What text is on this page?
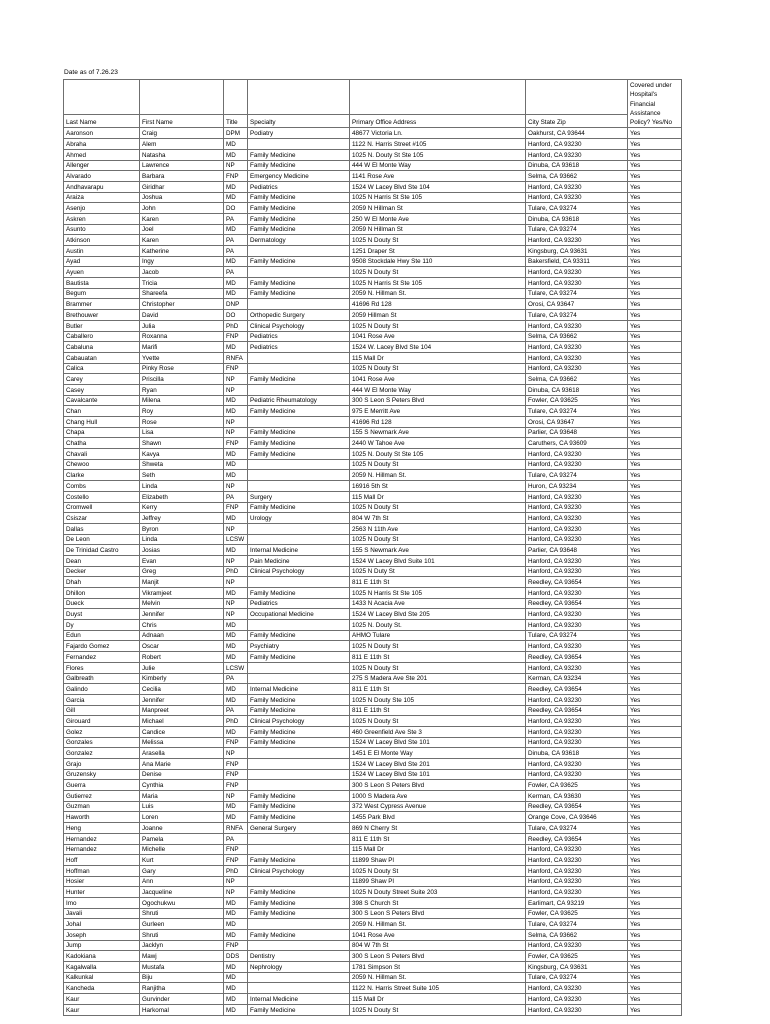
Date as of 7.26.23
						Covered under Hospital's Financial Assistance Policy? Yes/No
Last Name	First Name	Title	Specialty	Primary Office Address	City State Zip	
Aaronson	Craig	DPM	Podiatry	48677 Victoria Ln.	Oakhurst, CA 93644	Yes
Abraha	Alem	MD		1122 N. Harris Street #105	Hanford, CA 93230	Yes
Ahmed	Natasha	MD	Family Medicine	1025 N. Douty St Ste 105	Hanford, CA 93230	Yes
Allenger	Lawrence	NP	Family Medicine	444 W El Monte Way	Dinuba, CA 93618	Yes
Alvarado	Barbara	FNP	Emergency Medicine	1141 Rose Ave	Selma, CA 93662	Yes
Andhavarapu	Giridhar	MD	Pediatrics	1524 W Lacey Blvd Ste 104	Hanford, CA 93230	Yes
Araiza	Joshua	MD	Family Medicine	1025 N Harris St Ste 105	Hanford, CA 93230	Yes
Asenjo	John	DO	Family Medicine	2059 N Hillman St	Tulare, CA 93274	Yes
Askren	Karen	PA	Family Medicine	250 W El Monte Ave	Dinuba, CA 93618	Yes
Asunto	Joel	MD	Family Medicine	2059 N Hillman St	Tulare, CA 93274	Yes
Atkinson	Karen	PA	Dermatology	1025 N Douty St	Hanford, CA 93230	Yes
Austin	Katherine	PA		1251 Draper St	Kingsburg, CA 93631	Yes
Ayad	Ingy	MD	Family Medicine	9508 Stockdale Hwy Ste 110	Bakersfield, CA 93311	Yes
Ayuen	Jacob	PA		1025 N Douty St	Hanford, CA 93230	Yes
Bautista	Tricia	MD	Family Medicine	1025 N Harris St Ste 105	Hanford, CA 93230	Yes
Begum	Shareefa	MD	Family Medicine	2059 N. Hillman St.	Tulare, CA 93274	Yes
Brammer	Christopher	DNP		41696 Rd 128	Orosi, CA 93647	Yes
Brethouwer	David	DO	Orthopedic Surgery	2059 Hillman St	Tulare, CA 93274	Yes
Butler	Julia	PhD	Clinical Psychology	1025 N Douty St	Hanford, CA 93230	Yes
Caballero	Roxanna	FNP	Pediatrics	1041 Rose Ave	Selma, CA 93662	Yes
Cabaluna	Marifi	MD	Pediatrics	1524 W. Lacey Blvd Ste 104	Hanford, CA 93230	Yes
Cabauatan	Yvette	RNFA		115 Mall Dr	Hanford, CA 93230	Yes
Calica	Pinky Rose	FNP		1025 N Douty St	Hanford, CA 93230	Yes
Carey	Priscilla	NP	Family Medicine	1041 Rose Ave	Selma, CA 93662	Yes
Casey	Ryan	NP		444 W El Monte Way	Dinuba, CA 93618	Yes
Cavalcante	Milena	MD	Pediatric Rheumatology	300 S Leon S Peters Blvd	Fowler, CA 93625	Yes
Chan	Roy	MD	Family Medicine	975 E Merritt Ave	Tulare, CA 93274	Yes
Chang Hull	Rose	NP		41696 Rd 128	Orosi, CA 93647	Yes
Chapa	Lisa	NP	Family Medicine	155 S Newmark Ave	Parlier, CA 93648	Yes
Chatha	Shawn	FNP	Family Medicine	2440 W Tahoe Ave	Caruthers, CA 93609	Yes
Chavali	Kavya	MD	Family Medicine	1025 N. Douty St Ste 105	Hanford, CA 93230	Yes
Chewoo	Shweta	MD		1025 N Douty St	Hanford, CA 93230	Yes
Clarke	Seth	MD		2059 N. Hillman St.	Tulare, CA 93274	Yes
Combs	Linda	NP		16916 5th St	Huron, CA 93234	Yes
Costello	Elizabeth	PA	Surgery	115 Mall Dr	Hanford, CA 93230	Yes
Cromwell	Kerry	FNP	Family Medicine	1025 N Douty St	Hanford, CA 93230	Yes
Csiszar	Jeffrey	MD	Urology	804 W 7th St	Hanford, CA 93230	Yes
Dallas	Byron	NP		2563 N 11th Ave	Hanford, CA 93230	Yes
De Leon	Linda	LCSW		1025 N Douty St	Hanford, CA 93230	Yes
De Trinidad Castro	Josias	MD	Internal Medicine	155 S Newmark Ave	Parlier, CA 93648	Yes
Dean	Evan	NP	Pain Medicine	1524 W Lacey Blvd Suite 101	Hanford, CA 93230	Yes
Decker	Greg	PhD	Clinical Psychology	1025 N Duty St	Hanford, CA 93230	Yes
Dhah	Manjit	NP		811 E 11th St	Reedley, CA 93654	Yes
Dhillon	Vikramjeet	MD	Family Medicine	1025 N Harris St Ste 105	Hanford, CA 93230	Yes
Dueck	Melvin	NP	Pediatrics	1433 N Acacia Ave	Reedley, CA 93654	Yes
Duyst	Jennifer	NP	Occupational Medicine	1524 W Lacey Blvd Ste 205	Hanford, CA 93230	Yes
Dy	Chris	MD		1025 N. Douty St.	Hanford, CA 93230	Yes
Edun	Adnaan	MD	Family Medicine	AHMO Tulare	Tulare, CA 93274	Yes
Fajardo Gomez	Oscar	MD	Psychiatry	1025 N Douty St	Hanford, CA 93230	Yes
Fernandez	Robert	MD	Family Medicine	811 E 11th St	Reedley, CA 93654	Yes
Flores	Julie	LCSW		1025 N Douty St	Hanford, CA 93230	Yes
Galbreath	Kimberly	PA		275 S Madera Ave Ste 201	Kerman, CA 93234	Yes
Galindo	Cecilia	MD	Internal Medicine	811 E 11th St	Reedley, CA 93654	Yes
Garcia	Jennifer	MD	Family Medicine	1025 N Douty Ste 105	Hanford, CA 93230	Yes
Gill	Manpreet	PA	Family Medicine	811 E 11th St	Reedley, CA 93654	Yes
Girouard	Michael	PhD	Clinical Psychology	1025 N Douty St	Hanford, CA 93230	Yes
Golez	Candice	MD	Family Medicine	460 Greenfield Ave Ste 3	Hanford, CA 93230	Yes
Gonzales	Melissa	FNP	Family Medicine	1524 W Lacey Blvd Ste 101	Hanford, CA 93230	Yes
Gonzalez	Arasella	NP		1451 E El Monte Way	Dinuba, CA 93618	Yes
Grajo	Ana Marie	FNP		1524 W Lacey Blvd Ste 201	Hanford, CA 93230	Yes
Gruzensky	Denise	FNP		1524 W Lacey Blvd Ste 101	Hanford, CA 93230	Yes
Guerra	Cynthia	FNP		300 S Leon S Peters Blvd	Fowler, CA 93625	Yes
Gutierrez	Maria	NP	Family Medicine	1000 S Madera Ave	Kerman, CA 93630	Yes
Guzman	Luis	MD	Family Medicine	372 West Cypress Avenue	Reedley, CA 93654	Yes
Haworth	Loren	MD	Family Medicine	1455 Park Blvd	Orange Cove, CA 93646	Yes
Heng	Joanne	RNFA	General Surgery	869 N Cherry St	Tulare, CA 93274	Yes
Hernandez	Pamela	PA		811 E 11th St	Reedley, CA 93654	Yes
Hernandez	Michelle	FNP		115 Mall Dr	Hanford, CA 93230	Yes
Hoff	Kurt	FNP	Family Medicine	11899 Shaw Pl	Hanford, CA 93230	Yes
Hoffman	Gary	PhD	Clinical Psychology	1025 N Douty St	Hanford, CA 93230	Yes
Hosier	Ann	NP		11899 Shaw Pl	Hanford, CA 93230	Yes
Hunter	Jacqueline	NP	Family Medicine	1025 N Douty Street Suite 203	Hanford, CA 93230	Yes
Imo	Ogochukwu	MD	Family Medicine	398 S Church St	Earlimart, CA 93219	Yes
Javali	Shruti	MD	Family Medicine	300 S Leon S Peters Blvd	Fowler, CA 93625	Yes
Johal	Gurleen	MD		2059 N. Hillman St.	Tulare, CA 93274	Yes
Joseph	Shruti	MD	Family Medicine	1041 Rose Ave	Selma, CA 93662	Yes
Jump	Jacklyn	FNP		804 W 7th St	Hanford, CA 93230	Yes
Kadokiana	Mawj	DDS	Dentistry	300 S Leon S Peters Blvd	Fowler, CA 93625	Yes
Kagalwalla	Mustafa	MD	Nephrology	1781 Simpson St	Kingsburg, CA 93631	Yes
Kalkunkal	Biju	MD		2059 N. Hillman St.	Tulare, CA 93274	Yes
Kancheda	Ranjitha	MD		1122 N. Harris Street Suite 105	Hanford, CA 93230	Yes
Kaur	Gurvinder	MD	Internal Medicine	115 Mall Dr	Hanford, CA 93230	Yes
Kaur	Harkomal	MD	Family Medicine	1025 N Douty St	Hanford, CA 93230	Yes
